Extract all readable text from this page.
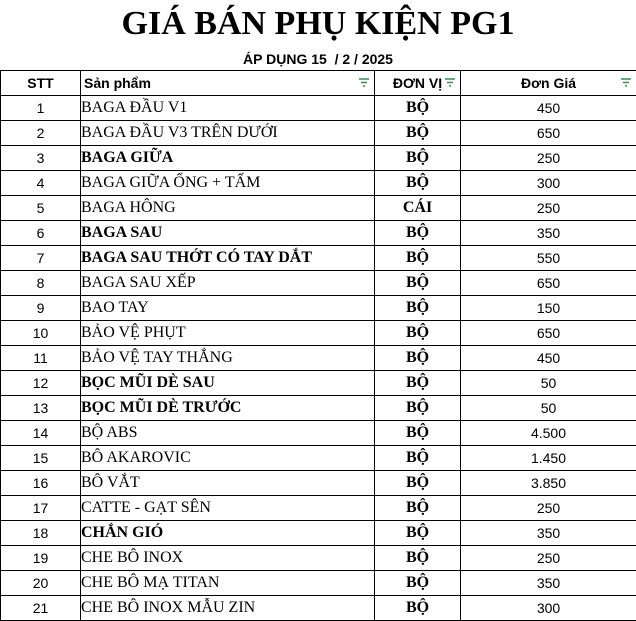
GIÁ BÁN PHỤ KIỆN PG1
ÁP DỤNG 15  / 2 / 2025
STT	Sản phẩm	ĐƠN VỊ	Đơn Giá

1	BAGA ĐẦU V1	BỘ	450
2	BAGA ĐẦU V3 TRÊN DƯỚI	BỘ	650
3	BAGA GIỮA	BỘ	250
4	BAGA GIỮA ỐNG + TẤM	BỘ	300
5	BAGA HÔNG	CÁI	250
6	BAGA SAU	BỘ	350
7	BAGA SAU THỚT CÓ TAY DẮT	BỘ	550
8	BAGA SAU XẾP	BỘ	650
9	BAO TAY	BỘ	150
10	BẢO VỆ PHỤT	BỘ	650
11	BẢO VỆ TAY THẮNG	BỘ	450
12	BỌC MŨI DÈ SAU	BỘ	50
13	BỌC MŨI DÈ TRƯỚC	BỘ	50
14	BỘ ABS	BỘ	4.500
15	BÔ AKAROVIC	BỘ	1.450
16	BÔ VẮT	BỘ	3.850
17	CATTE - GẠT SÊN	BỘ	250
18	CHẮN GIÓ	BỘ	350
19	CHE BÔ INOX	BỘ	250
20	CHE BÔ MẠ TITAN	BỘ	350
21	CHE BÔ INOX MẪU ZIN	BỘ	300
